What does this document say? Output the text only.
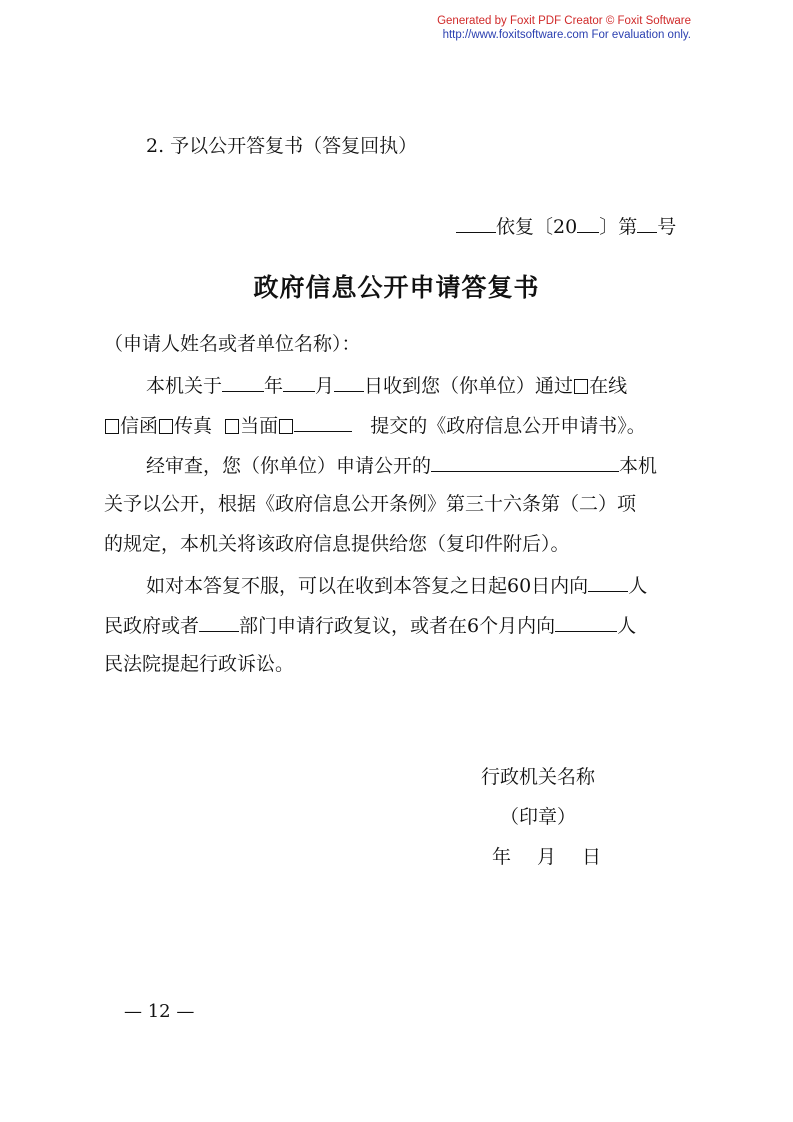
Generated by Foxit PDF Creator © Foxit Software
http://www.foxitsoftware.com For evaluation only.
2. 予以公开答复书（答复回执）
依复〔20 〕第 号
政府信息公开申请答复书
（申请人姓名或者单位名称）：
本机关于 年 月 日收到您（你单位）通过 在线
信函 传真 当面	提交的《政府信息公开申请书》。
经审查，您（你单位）申请公开的	本机
关予以公开，根据《政府信息公开条例》第三十六条第（二）项
的规定，本机关将该政府信息提供给您（复印件附后）。
如对本答复不服，可以在收到本答复之日起60日内向 人
民政府或者 部门申请行政复议，或者在6个月内向	人
民法院提起行政诉讼。
行政机关名称
（印章）
年 月 日
— 12 —
